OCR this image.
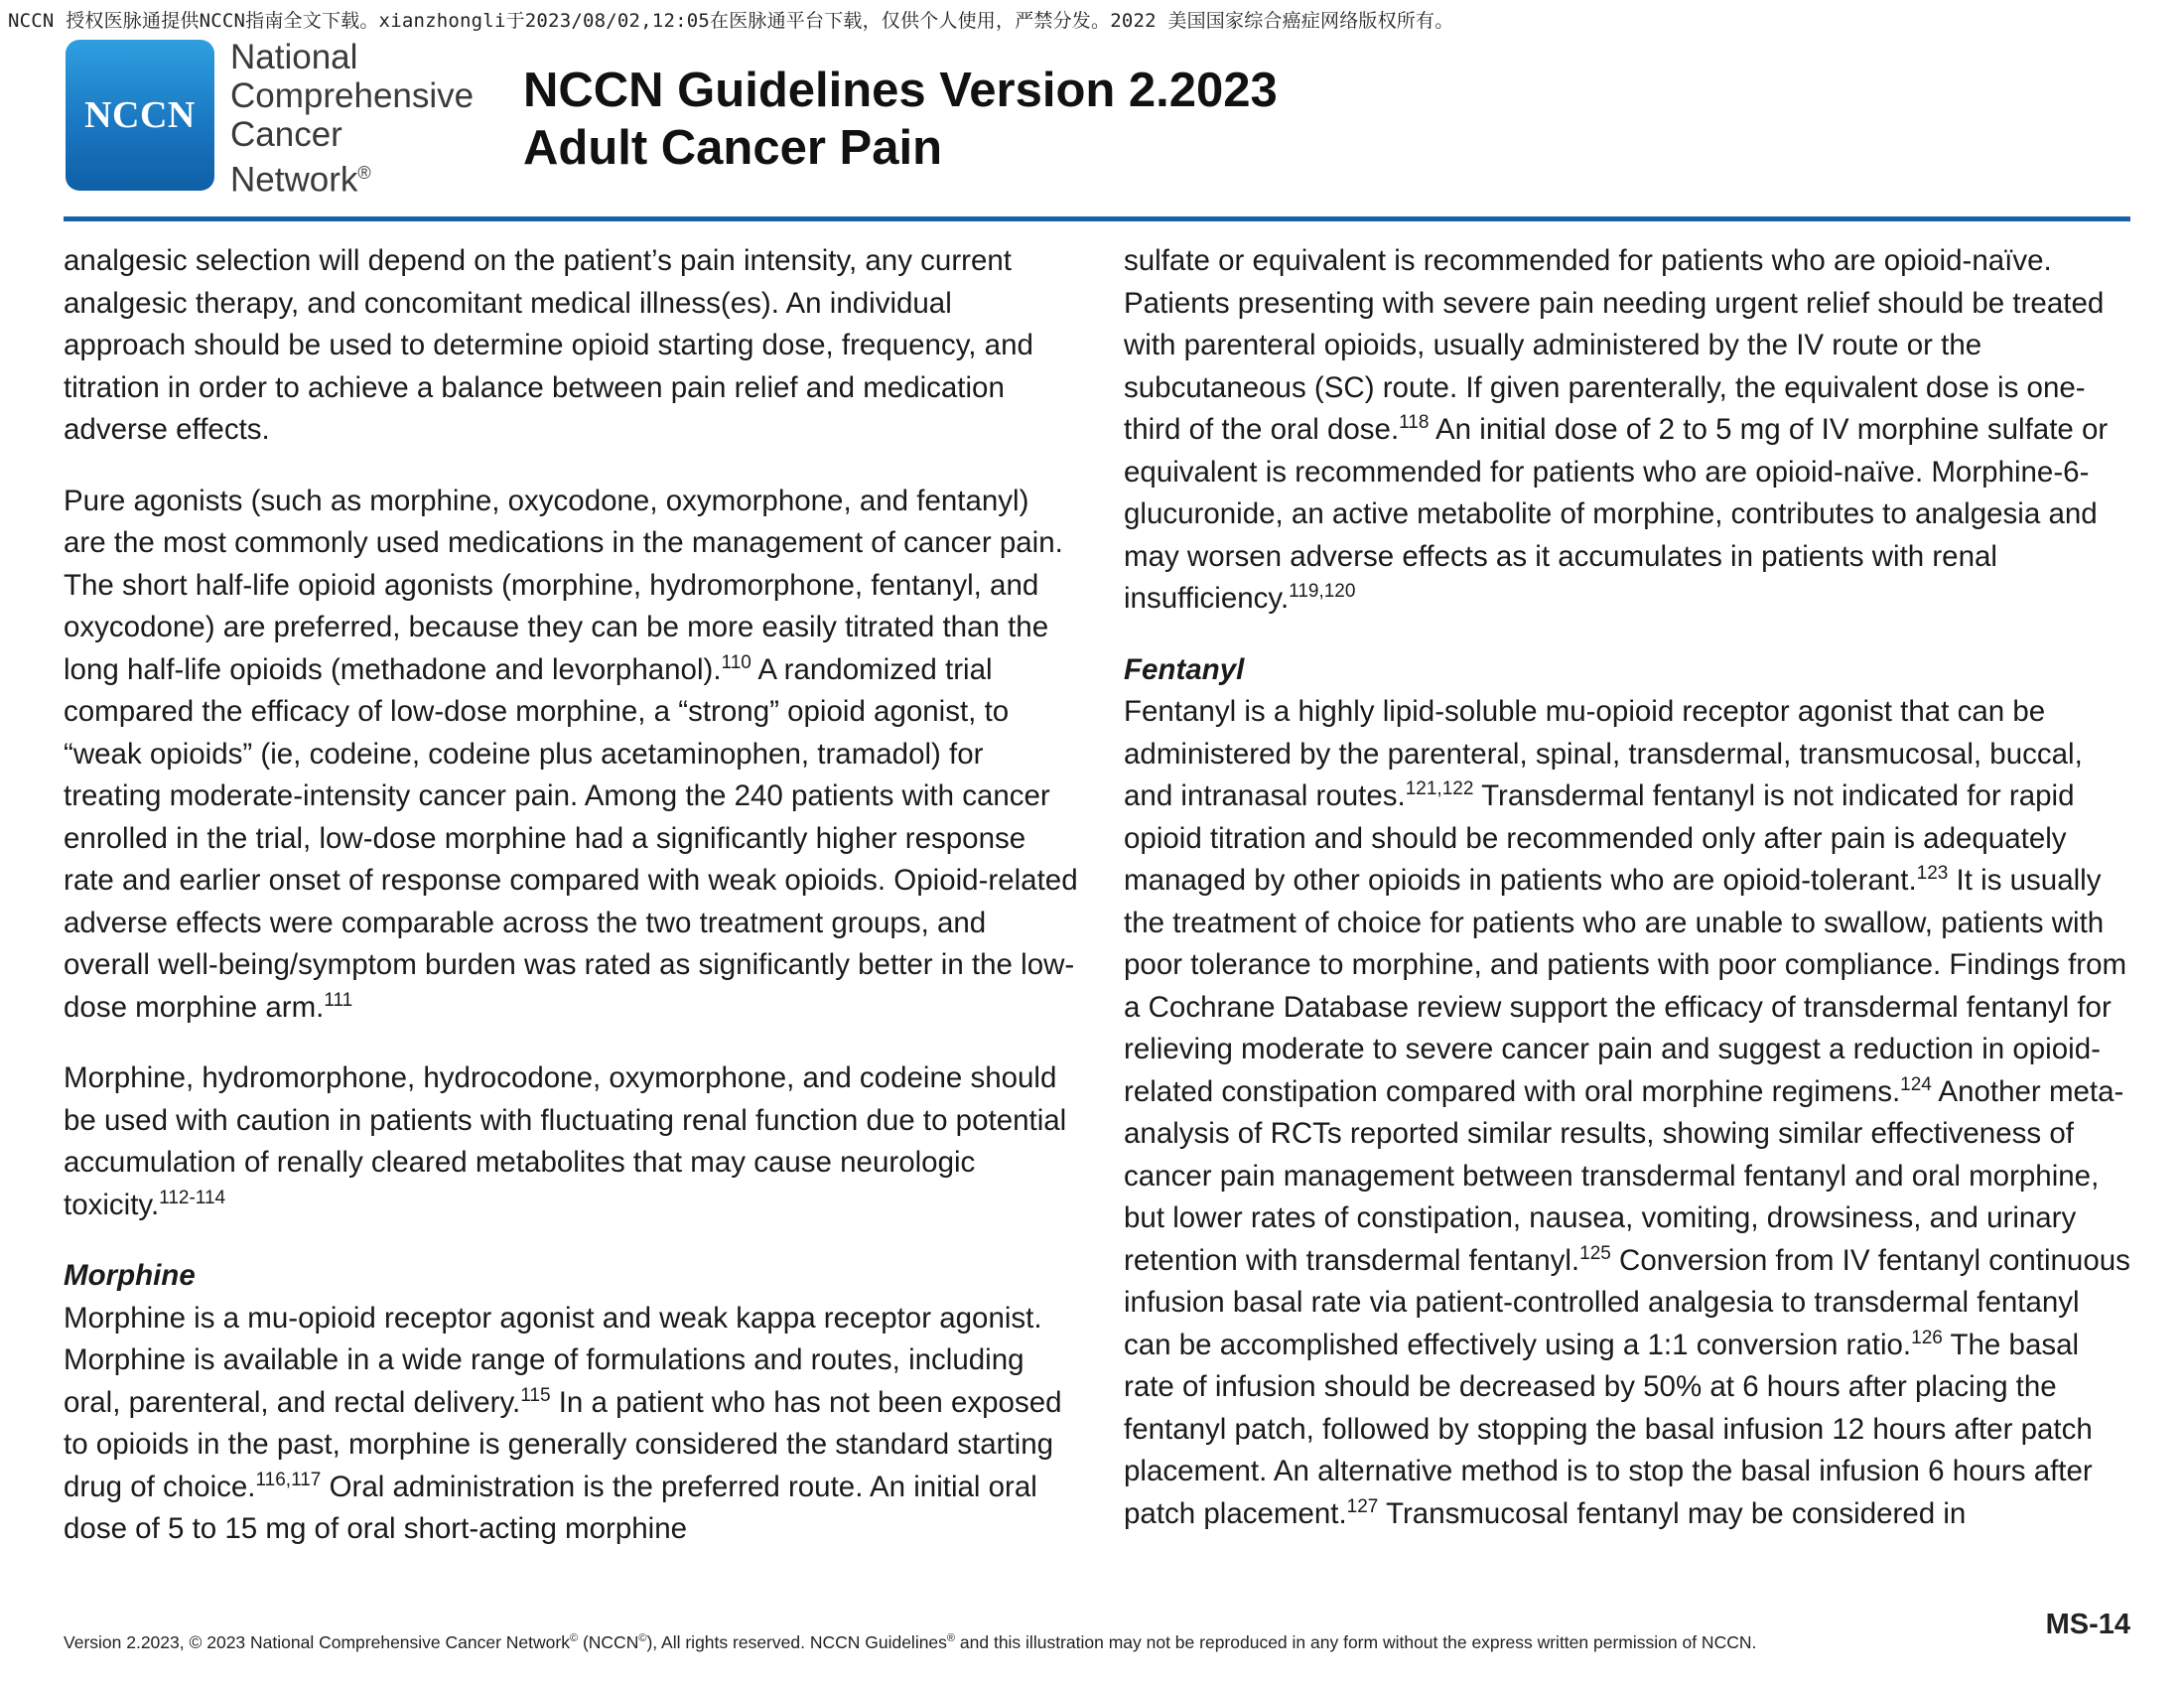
NCCN 授权医脉通提供NCCN指南全文下载。xianzhongli于2023/08/02,12:05在医脉通平台下载，仅供个人使用，严禁分发。2022 美国国家综合癌症网络版权所有。
NCCN
National
Comprehensive
Cancer
Network®
NCCN Guidelines Version 2.2023
Adult Cancer Pain

analgesic selection will depend on the patient’s pain intensity, any current analgesic therapy, and concomitant medical illness(es). An individual approach should be used to determine opioid starting dose, frequency, and titration in order to achieve a balance between pain relief and medication adverse effects.

Pure agonists (such as morphine, oxycodone, oxymorphone, and fentanyl) are the most commonly used medications in the management of cancer pain. The short half-life opioid agonists (morphine, hydromorphone, fentanyl, and oxycodone) are preferred, because they can be more easily titrated than the long half-life opioids (methadone and levorphanol).$^{110}$ A randomized trial compared the efficacy of low-dose morphine, a “strong” opioid agonist, to “weak opioids” (ie, codeine, codeine plus acetaminophen, tramadol) for treating moderate-intensity cancer pain. Among the 240 patients with cancer enrolled in the trial, low-dose morphine had a significantly higher response rate and earlier onset of response compared with weak opioids. Opioid-related adverse effects were comparable across the two treatment groups, and overall well-being/symptom burden was rated as significantly better in the low-dose morphine arm.$^{111}$

Morphine, hydromorphone, hydrocodone, oxymorphone, and codeine should be used with caution in patients with fluctuating renal function due to potential accumulation of renally cleared metabolites that may cause neurologic toxicity.$^{112-114}$

Morphine

Morphine is a mu-opioid receptor agonist and weak kappa receptor agonist. Morphine is available in a wide range of formulations and routes, including oral, parenteral, and rectal delivery.$^{115}$ In a patient who has not been exposed to opioids in the past, morphine is generally considered the standard starting drug of choice.$^{116,117}$ Oral administration is the preferred route. An initial oral dose of 5 to 15 mg of oral short-acting morphine

sulfate or equivalent is recommended for patients who are opioid-naïve. Patients presenting with severe pain needing urgent relief should be treated with parenteral opioids, usually administered by the IV route or the subcutaneous (SC) route. If given parenterally, the equivalent dose is one-third of the oral dose.$^{118}$ An initial dose of 2 to 5 mg of IV morphine sulfate or equivalent is recommended for patients who are opioid-naïve. Morphine-6-glucuronide, an active metabolite of morphine, contributes to analgesia and may worsen adverse effects as it accumulates in patients with renal insufficiency.$^{119,120}$

Fentanyl

Fentanyl is a highly lipid-soluble mu-opioid receptor agonist that can be administered by the parenteral, spinal, transdermal, transmucosal, buccal, and intranasal routes.$^{121,122}$ Transdermal fentanyl is not indicated for rapid opioid titration and should be recommended only after pain is adequately managed by other opioids in patients who are opioid-tolerant.$^{123}$ It is usually the treatment of choice for patients who are unable to swallow, patients with poor tolerance to morphine, and patients with poor compliance. Findings from a Cochrane Database review support the efficacy of transdermal fentanyl for relieving moderate to severe cancer pain and suggest a reduction in opioid-related constipation compared with oral morphine regimens.$^{124}$ Another meta-analysis of RCTs reported similar results, showing similar effectiveness of cancer pain management between transdermal fentanyl and oral morphine, but lower rates of constipation, nausea, vomiting, drowsiness, and urinary retention with transdermal fentanyl.$^{125}$ Conversion from IV fentanyl continuous infusion basal rate via patient-controlled analgesia to transdermal fentanyl can be accomplished effectively using a 1:1 conversion ratio.$^{126}$ The basal rate of infusion should be decreased by 50% at 6 hours after placing the fentanyl patch, followed by stopping the basal infusion 12 hours after patch placement. An alternative method is to stop the basal infusion 6 hours after patch placement.$^{127}$ Transmucosal fentanyl may be considered in

Version 2.2023, © 2023 National Comprehensive Cancer Network© (NCCN©), All rights reserved. NCCN Guidelines® and this illustration may not be reproduced in any form without the express written permission of NCCN.
MS-14
